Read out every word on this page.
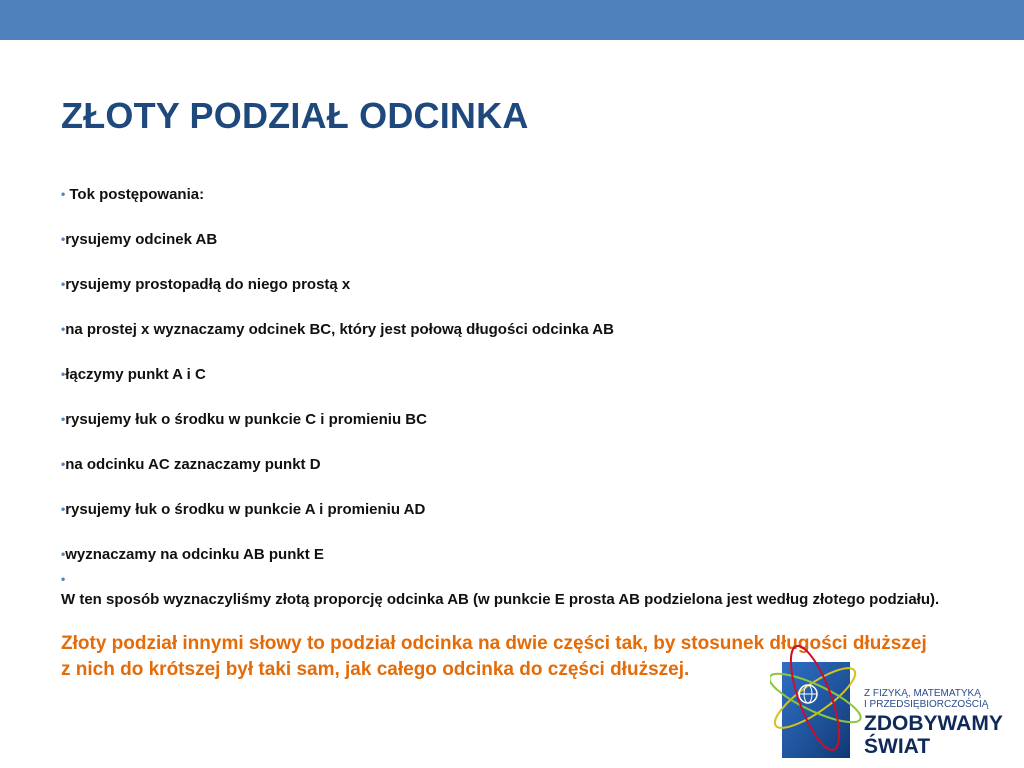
ZŁOTY PODZIAŁ ODCINKA
• Tok postępowania:
•rysujemy odcinek AB
•rysujemy prostopadłą do niego prostą x
•na prostej x wyznaczamy odcinek BC, który jest połową długości odcinka AB
•łączymy punkt A i C
•rysujemy łuk o środku w punkcie C i promieniu BC
•na odcinku AC zaznaczamy punkt D
•rysujemy łuk o środku w punkcie A i promieniu AD
•wyznaczamy na odcinku AB punkt E
•
W ten sposób wyznaczyliśmy złotą proporcję odcinka AB (w punkcie E prosta AB podzielona jest według złotego podziału).
Złoty podział innymi słowy to podział odcinka na dwie części tak, by stosunek długości dłuższej z nich do krótszej był taki sam, jak całego odcinka do części dłuższej.
Z FIZYKĄ, MATEMATYKĄ
I PRZEDSIĘBIORCZOŚCIĄ
ZDOBYWAMY
ŚWIAT
